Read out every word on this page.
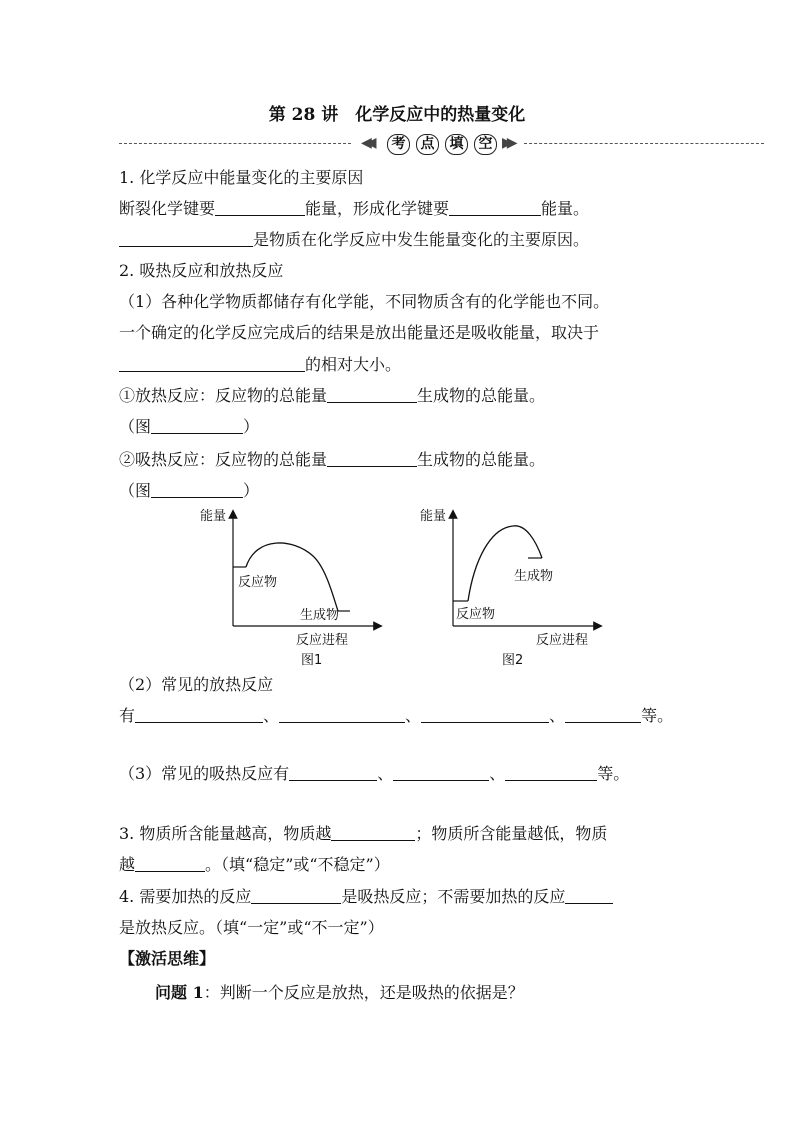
第 28 讲　化学反应中的热量变化
◀◀	考	点	填	空 ▶▶
1. 化学反应中能量变化的主要原因
断裂化学键要	能量，形成化学键要	能量。
是物质在化学反应中发生能量变化的主要原因。
2. 吸热反应和放热反应
（1）各种化学物质都储存有化学能，不同物质含有的化学能也不同。
一个确定的化学反应完成后的结果是放出能量还是吸收能量，取决于
的相对大小。
①放热反应：反应物的总能量	生成物的总能量。
（图	）
②吸热反应：反应物的总能量	生成物的总能量。
（图	）
能量
反应物
生成物
反应进程
图1
能量
生成物
反应物
反应进程
图2
（2）常见的放热反应
有	、	、	、	等。
（3）常见的吸热反应有	、	、	等。
3. 物质所含能量越高，物质越	；物质所含能量越低，物质
越	。（填“稳定”或“不稳定”）
4. 需要加热的反应	是吸热反应；不需要加热的反应
是放热反应。（填“一定”或“不一定”）
【激活思维】
问题 1：判断一个反应是放热，还是吸热的依据是？
